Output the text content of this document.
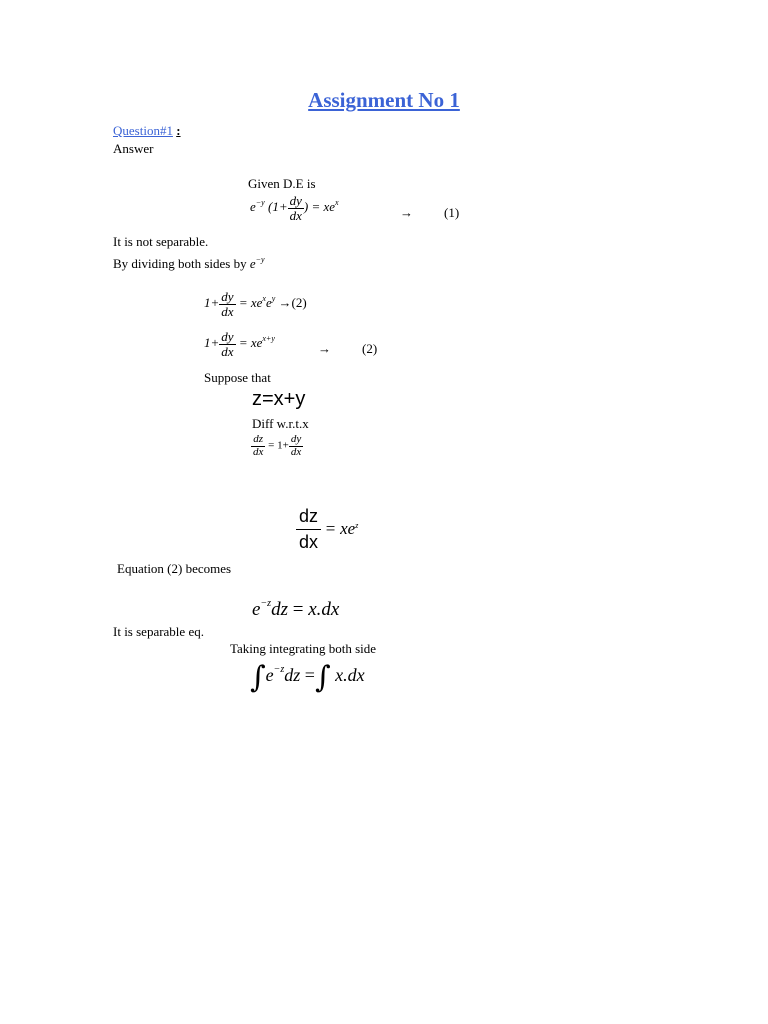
Assignment No 1
Question#1 :
Answer
Given D.E is
$e^{-y}$ ($1+ \frac{dy}{dx}$ ) = $xe^x$
→ (1)
It is not separable.
By dividing both sides by $e^{-y}$
$1+ \frac{dy}{dx} = xe^xe^y \to(2)$
$1+ \frac{dy}{dx} = xe^{x+y}$
→ (2)
Suppose that
z=x+y
Diff w.r.t.x
$\frac{dz}{dx} = 1+ \frac{dy}{dx}$
$\frac{dz}{dx} = xe^z$
Equation (2) becomes
$e^{-z}dz = x.dx$
It is separable eq.
Taking integrating both side
$\int e^{-z}dz$ =∫ x.dx
